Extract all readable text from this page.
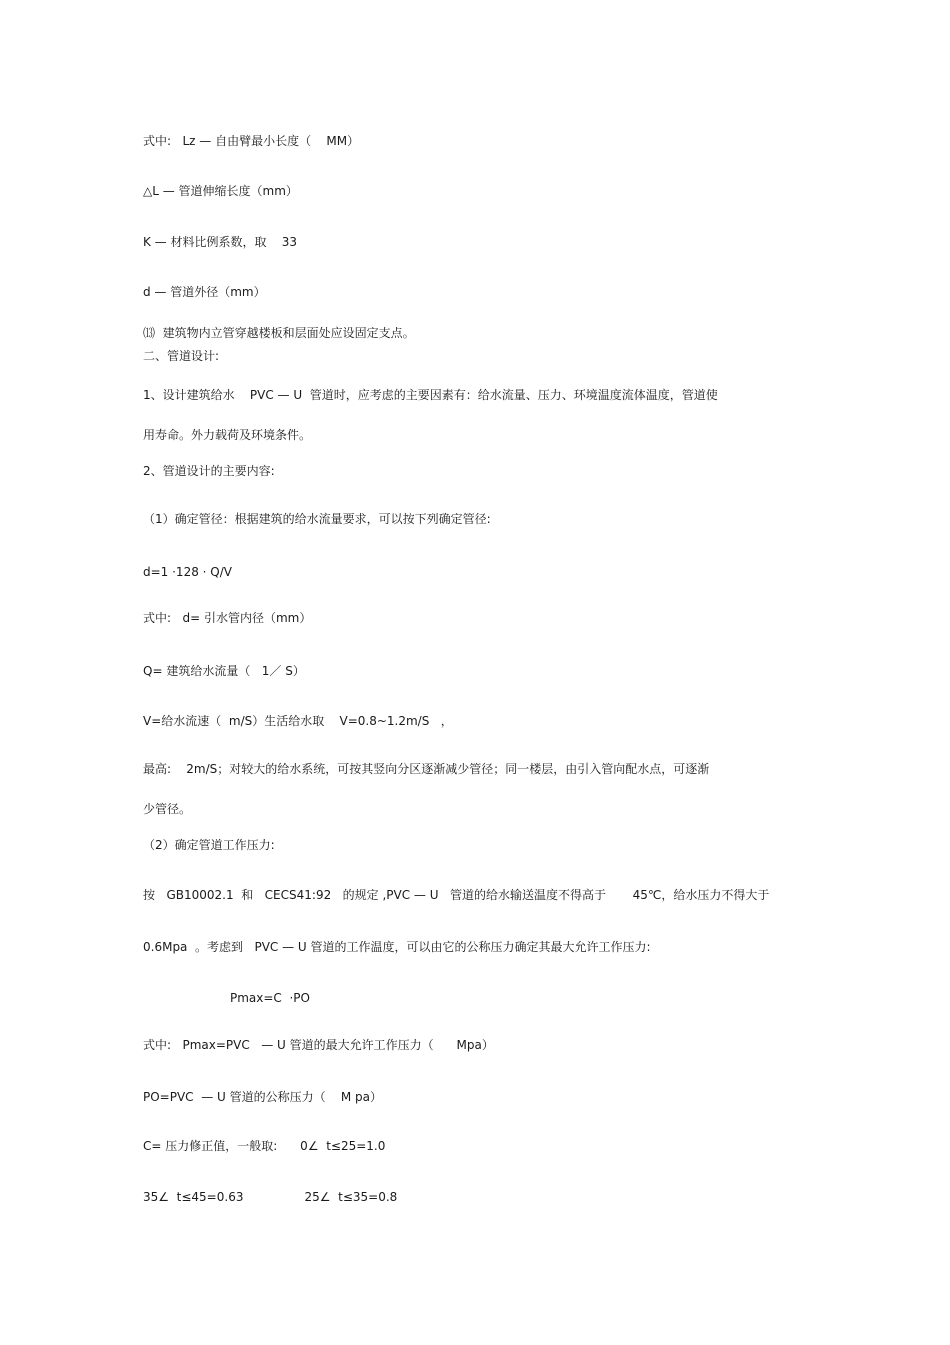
式中:   Lz — 自由臂最小长度（    MM）
△L — 管道伸缩长度（mm）
K — 材料比例系数，取    33
d — 管道外径（mm）
⒀  建筑物内立管穿越楼板和层面处应设固定支点。
二、管道设计:
1、设计建筑给水    PVC — U  管道时，应考虑的主要因素有：给水流量、压力、环境温度流体温度，管道使
用寿命。外力载荷及环境条件。
2、管道设计的主要内容:
（1）确定管径：根据建筑的给水流量要求，可以按下列确定管径:
d=1 ·128 · Q/V
式中:   d= 引水管内径（mm）
Q= 建筑给水流量（   1／ S）
V=给水流速（  m/S）生活给水取    V=0.8~1.2m/S   ，
最高:    2m/S；对较大的给水系统，可按其竖向分区逐渐减少管径；同一楼层，由引入管向配水点，可逐渐
少管径。
（2）确定管道工作压力:
按   GB10002.1  和   CECS41:92   的规定 ,PVC — U   管道的给水输送温度不得高于       45℃，给水压力不得大于
0.6Mpa  。考虑到   PVC — U 管道的工作温度，可以由它的公称压力确定其最大允许工作压力:
Pmax=C  ·PO
式中:   Pmax=PVC   — U 管道的最大允许工作压力（      Mpa）
PO=PVC  — U 管道的公称压力（    M pa）
C= 压力修正值，一般取:      0∠  t≤25=1.0
35∠  t≤45=0.63                25∠  t≤35=0.8
